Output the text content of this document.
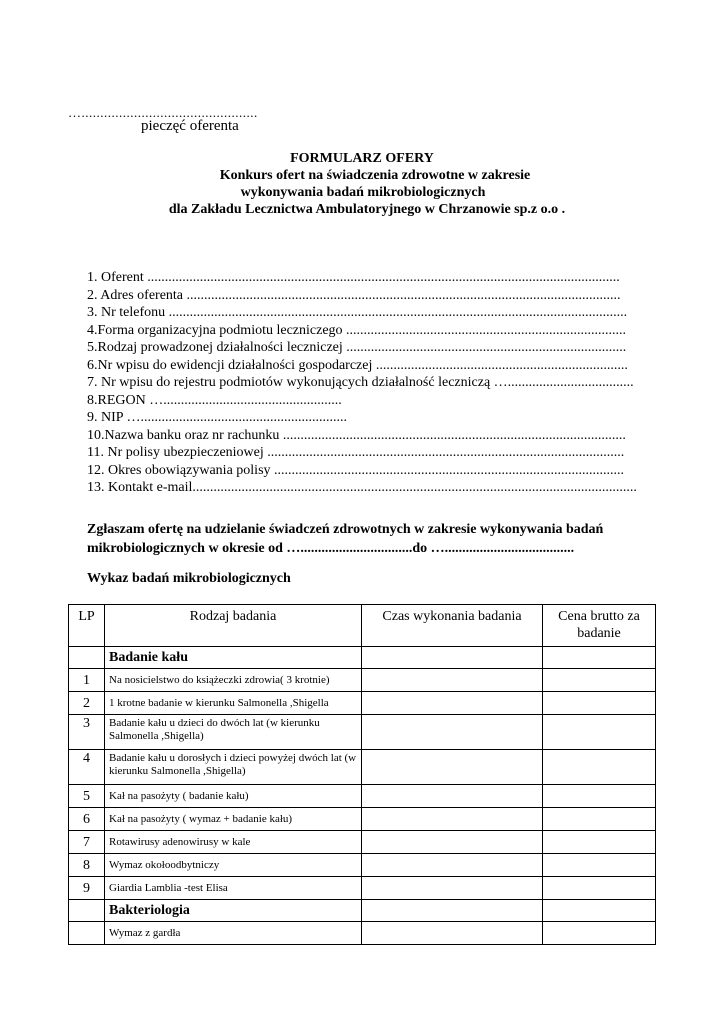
…...............................................
pieczęć oferenta
FORMULARZ OFERY
Konkurs ofert na świadczenia zdrowotne w zakresie
wykonywania badań mikrobiologicznych
dla Zakładu Lecznictwa Ambulatoryjnego w Chrzanowie sp.z o.o .
1. Oferent .......................................................................................................................................
2. Adres oferenta ............................................................................................................................
3. Nr telefonu ...................................................................................................................................
4.Forma organizacyjna podmiotu leczniczego ................................................................................
5.Rodzaj prowadzonej działalności leczniczej ................................................................................
6.Nr wpisu do ewidencji działalności gospodarczej ........................................................................
7. Nr wpisu do rejestru podmiotów wykonujących działalność leczniczą …....................................
8.REGON …...................................................
9. NIP …...........................................................
10.Nazwa banku oraz nr rachunku ..................................................................................................
11. Nr polisy ubezpieczeniowej ......................................................................................................
12. Okres obowiązywania polisy ....................................................................................................
13. Kontakt e-mail...............................................................................................................................
Zgłaszam ofertę na udzielanie świadczeń zdrowotnych w zakresie wykonywania badań
mikrobiologicznych w okresie od …................................do ….....................................
Wykaz badań mikrobiologicznych
LP	Rodzaj badania	Czas wykonania badania	Cena brutto za badanie
	Badanie kału		
1	Na nosicielstwo do książeczki zdrowia( 3 krotnie)		
2	1 krotne badanie w kierunku Salmonella ,Shigella		
3	Badanie kału u dzieci do dwóch lat (w kierunku Salmonella ,Shigella)		
4	Badanie kału u dorosłych i dzieci powyżej dwóch lat (w kierunku Salmonella ,Shigella)		
5	Kał na pasożyty ( badanie kału)		
6	Kał na pasożyty ( wymaz + badanie kału)		
7	Rotawirusy adenowirusy w kale		
8	Wymaz okołoodbytniczy		
9	Giardia Lamblia -test Elisa		
	Bakteriologia		
	Wymaz z gardła		
